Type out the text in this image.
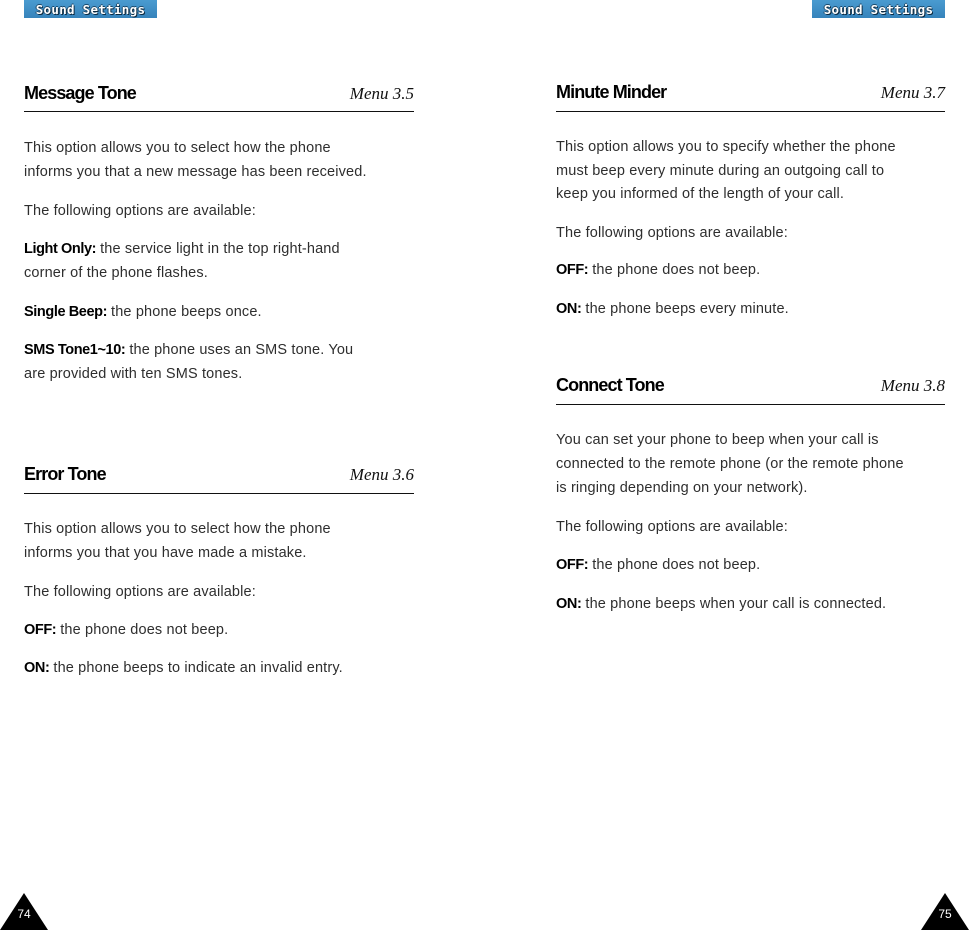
Sound Settings	Sound Settings
Message Tone	Menu 3.5
This option allows you to select how the phone
informs you that a new message has been received.
The following options are available:
Light Only: the service light in the top right-hand
corner of the phone flashes.
Single Beep: the phone beeps once.
SMS Tone1~10: the phone uses an SMS tone. You
are provided with ten SMS tones.
Error Tone	Menu 3.6
This option allows you to select how the phone
informs you that you have made a mistake.
The following options are available:
OFF: the phone does not beep.
ON: the phone beeps to indicate an invalid entry.
Minute Minder	Menu 3.7
This option allows you to specify whether the phone
must beep every minute during an outgoing call to
keep you informed of the length of your call.
The following options are available:
OFF: the phone does not beep.
ON: the phone beeps every minute.
Connect Tone	Menu 3.8
You can set your phone to beep when your call is
connected to the remote phone (or the remote phone
is ringing depending on your network).
The following options are available:
OFF: the phone does not beep.
ON: the phone beeps when your call is connected.
74	75
